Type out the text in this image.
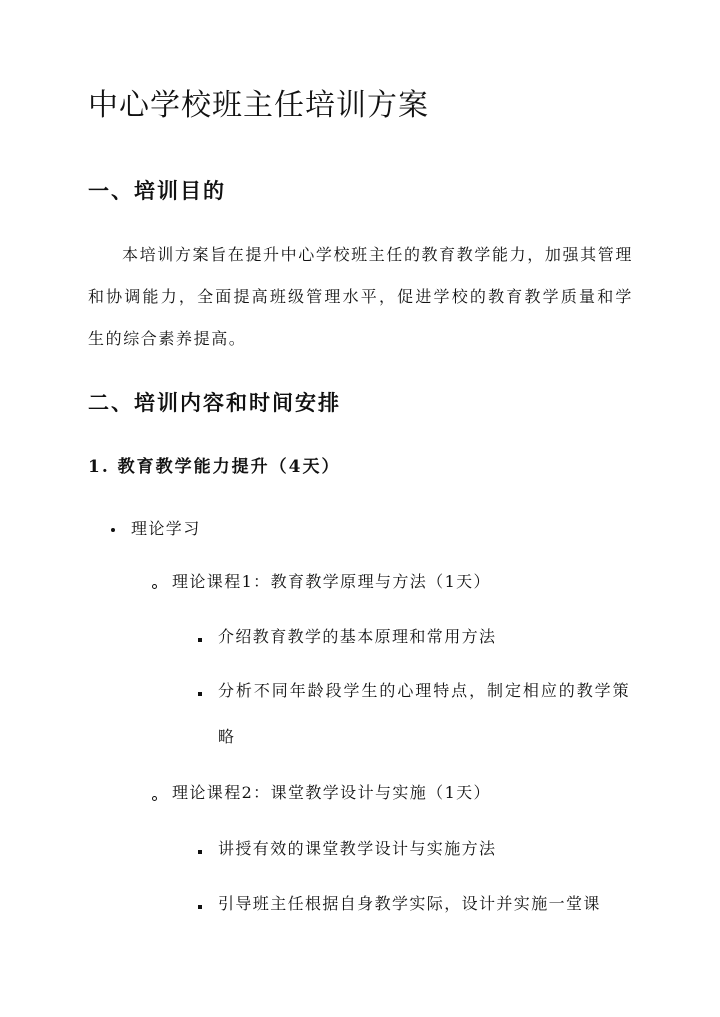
中心学校班主任培训方案
一、培训目的

本培训方案旨在提升中心学校班主任的教育教学能力，加强其管理和协调能力，全面提高班级管理水平，促进学校的教育教学质量和学生的综合素养提高。

二、培训内容和时间安排
1. 教育教学能力提升（4天）

理论学习

理论课程1：教育教学原理与方法（1天）

介绍教育教学的基本原理和常用方法

分析不同年龄段学生的心理特点，制定相应的教学策略

理论课程2：课堂教学设计与实施（1天）

讲授有效的课堂教学设计与实施方法

引导班主任根据自身教学实际，设计并实施一堂课
